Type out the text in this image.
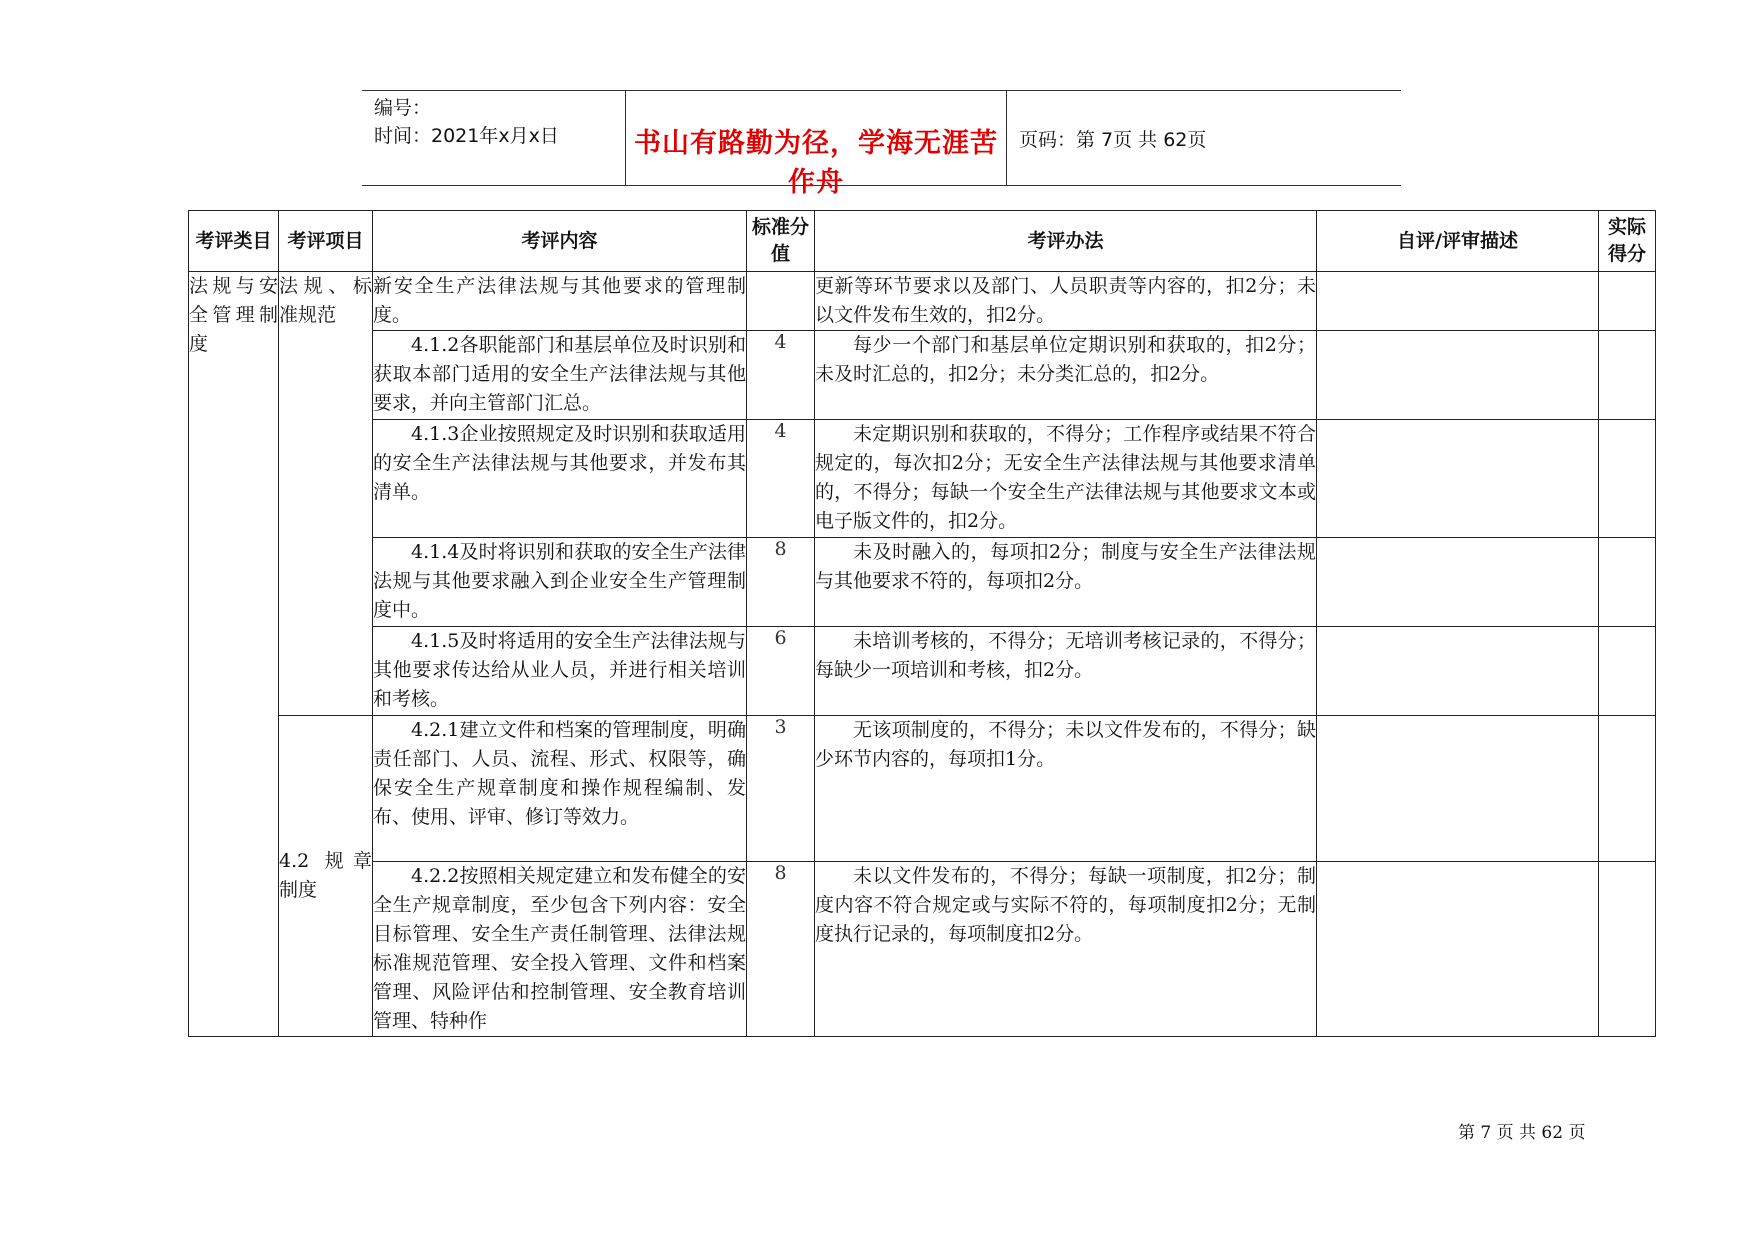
编号：
时间：2021年x月x日	书山有路勤为径，学海无涯苦作舟
页码：第 7页 共 62页
考评类目	考评项目	考评内容	标准分值	考评办法	自评/评审描述	实际得分
法规与安全管理制度	法规、标准规范	新安全生产法律法规与其他要求的管理制度。		更新等环节要求以及部门、人员职责等内容的，扣2分；未以文件发布生效的，扣2分。		
		4.1.2各职能部门和基层单位及时识别和获取本部门适用的安全生产法律法规与其他要求，并向主管部门汇总。	4	每少一个部门和基层单位定期识别和获取的，扣2分；未及时汇总的，扣2分；未分类汇总的，扣2分。		
		4.1.3企业按照规定及时识别和获取适用的安全生产法律法规与其他要求，并发布其清单。	4	未定期识别和获取的，不得分；工作程序或结果不符合规定的，每次扣2分；无安全生产法律法规与其他要求清单的，不得分；每缺一个安全生产法律法规与其他要求文本或电子版文件的，扣2分。		
		4.1.4及时将识别和获取的安全生产法律法规与其他要求融入到企业安全生产管理制度中。	8	未及时融入的，每项扣2分；制度与安全生产法律法规与其他要求不符的，每项扣2分。		
		4.1.5及时将适用的安全生产法律法规与其他要求传达给从业人员，并进行相关培训和考核。	6	未培训考核的，不得分；无培训考核记录的，不得分；每缺少一项培训和考核，扣2分。		
	4.2 规章制度	4.2.1建立文件和档案的管理制度，明确责任部门、人员、流程、形式、权限等，确保安全生产规章制度和操作规程编制、发布、使用、评审、修订等效力。	3	无该项制度的，不得分；未以文件发布的，不得分；缺少环节内容的，每项扣1分。		
		4.2.2按照相关规定建立和发布健全的安全生产规章制度，至少包含下列内容：安全目标管理、安全生产责任制管理、法律法规标准规范管理、安全投入管理、文件和档案管理、风险评估和控制管理、安全教育培训管理、特种作	8	未以文件发布的，不得分；每缺一项制度，扣2分；制度内容不符合规定或与实际不符的，每项制度扣2分；无制度执行记录的，每项制度扣2分。		
第 7 页 共 62 页
